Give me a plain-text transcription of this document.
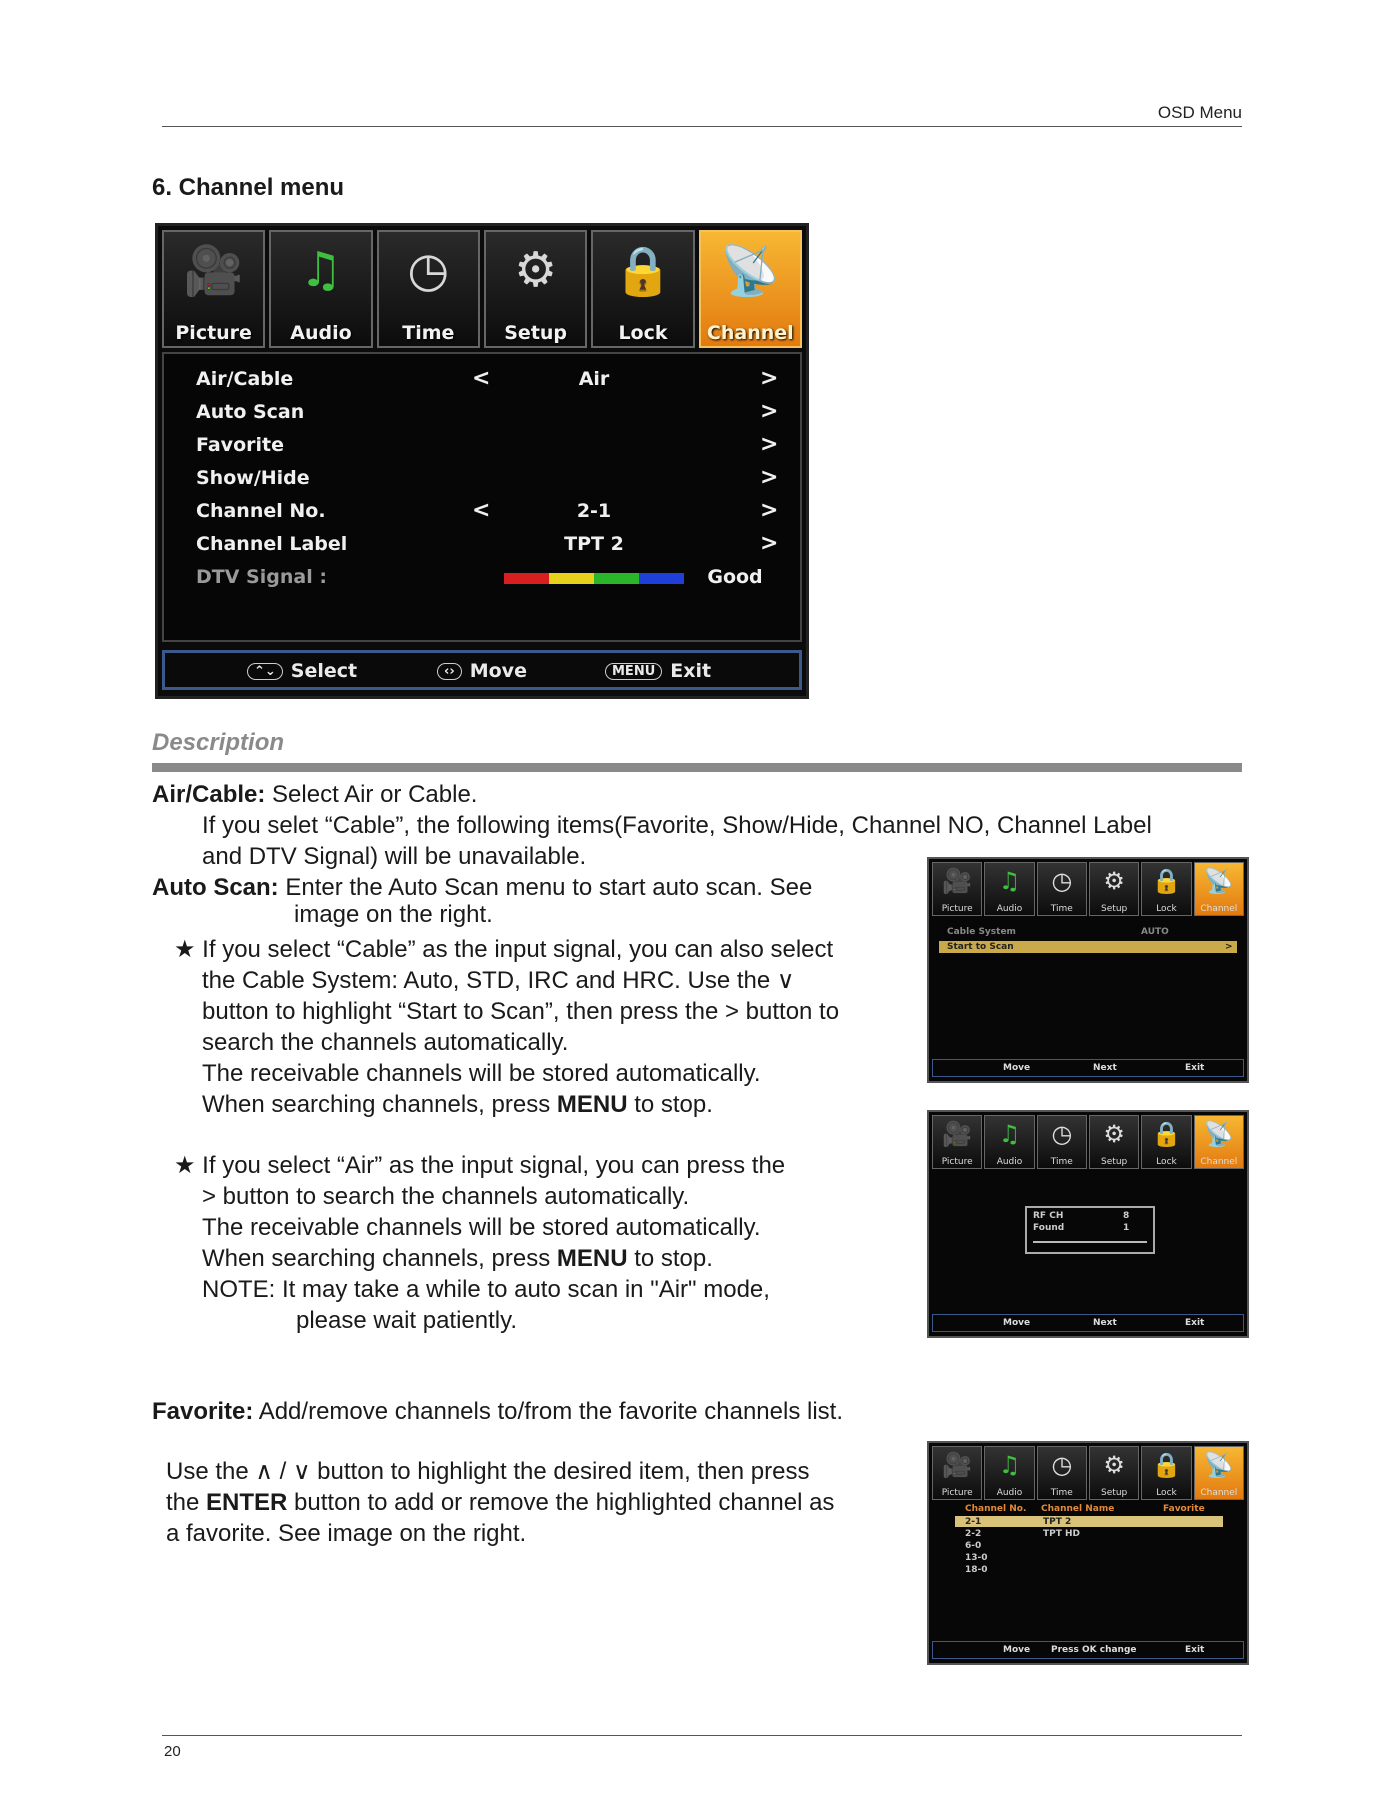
OSD Menu
6. Channel menu
🎥
Picture
♫
Audio
◷
Time
⚙
Setup
🔒
Lock
📡
Channel
Air/Cable	<	Air	>
Auto Scan	>
Favorite	>
Show/Hide	>
Channel No.	<	2-1	>
Channel Label	TPT 2	>
DTV Signal :	Good
⌃⌄ Select	‹› Move	MENU Exit
Description
Air/Cable: Select Air or Cable.
If you selet “Cable”, the following items(Favorite, Show/Hide, Channel NO, Channel Label
and DTV Signal) will be unavailable.
Auto Scan: Enter the Auto Scan menu to start auto scan. See
image on the right.
★ If you select “Cable” as the input signal, you can also select
the Cable System: Auto, STD, IRC and HRC. Use the ∨
button to highlight “Start to Scan”, then press the > button to
search the channels automatically.
The receivable channels will be stored automatically.
When searching channels, press MENU to stop.
★ If you select “Air” as the input signal, you can press the
> button to search the channels automatically.
The receivable channels will be stored automatically.
When searching channels, press MENU to stop.
NOTE: It may take a while to auto scan in "Air" mode,
please wait patiently.
Favorite: Add/remove channels to/from the favorite channels list.
Use the ∧ / ∨ button to highlight the desired item, then press
the ENTER button to add or remove the highlighted channel as
a favorite. See image on the right.
🎥
Picture
♫
Audio
◷
Time
⚙
Setup
🔒
Lock
📡
Channel
Cable System	AUTO
Start to Scan	>
Move	Next	Exit
🎥
Picture
♫
Audio
◷
Time
⚙
Setup
🔒
Lock
📡
Channel
RF CH	8
Found	1
Move	Next	Exit
🎥
Picture
♫
Audio
◷
Time
⚙
Setup
🔒
Lock
📡
Channel
Channel No. Channel Name	Favorite
2-1	TPT 2
2-2	TPT HD
6-0
13-0
18-0
Move Press OK change	Exit
20
